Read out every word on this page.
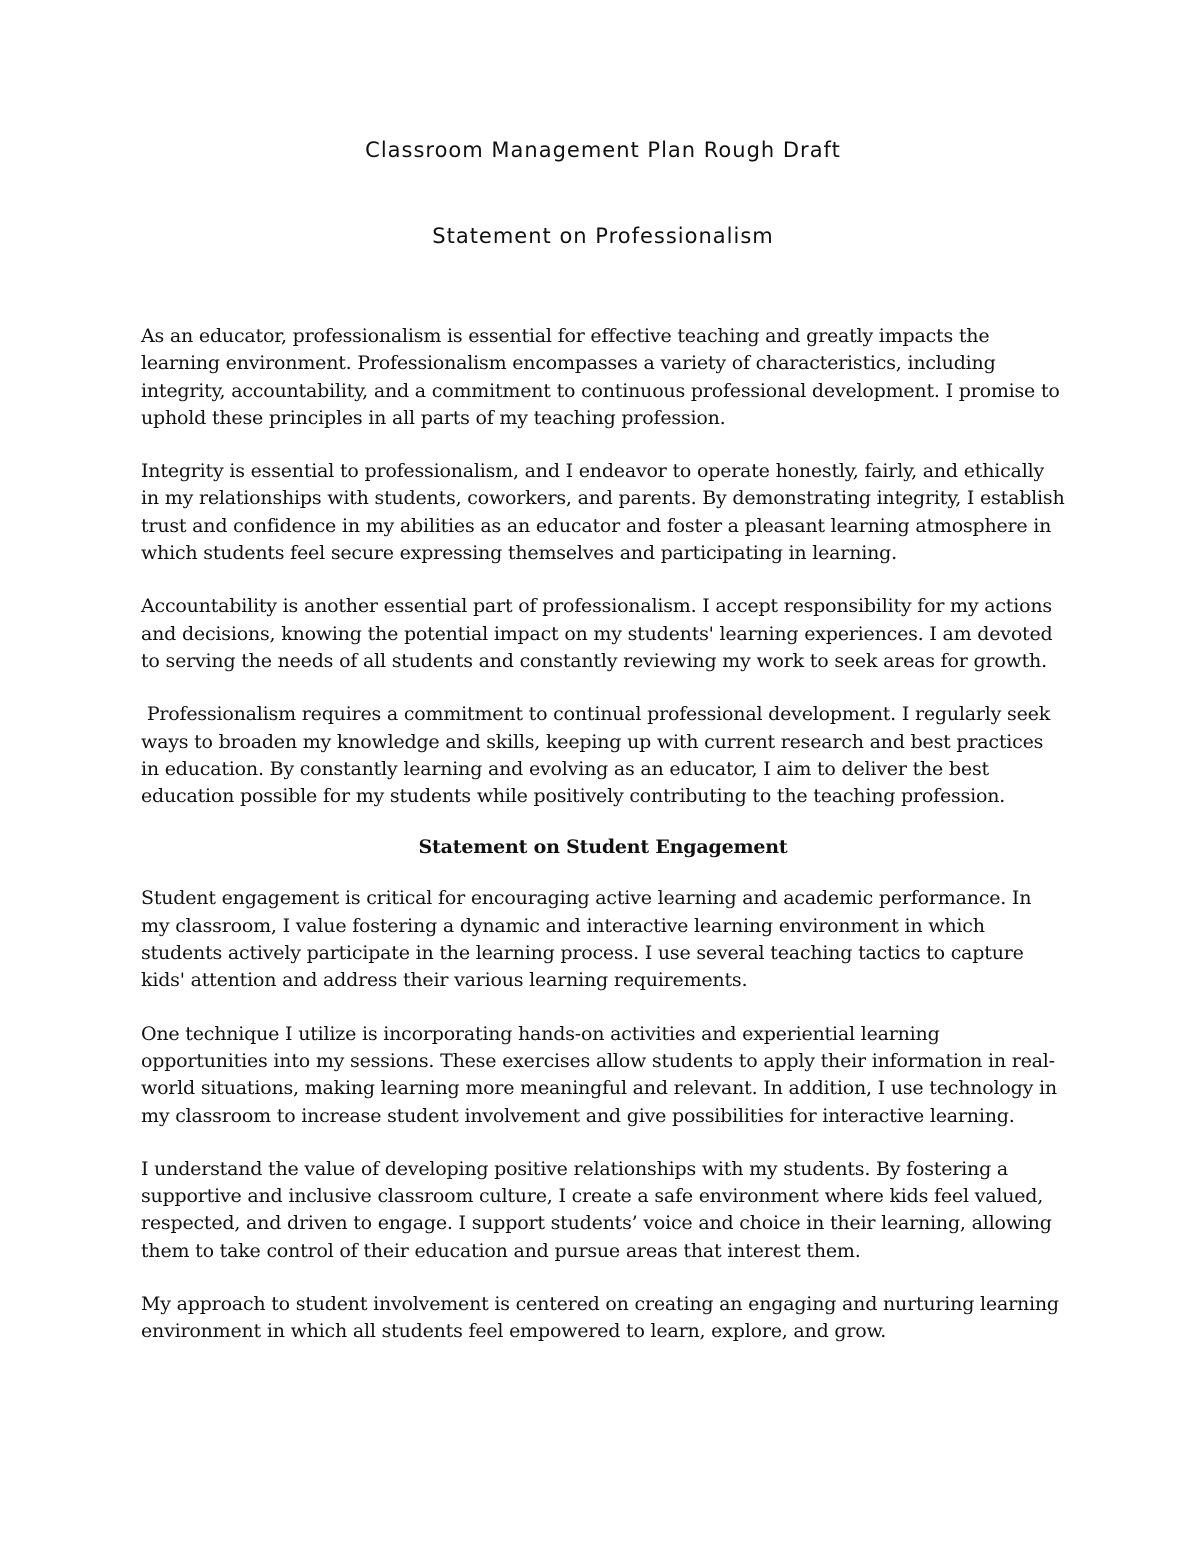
Classroom Management Plan Rough Draft
Statement on Professionalism

As an educator, professionalism is essential for effective teaching and greatly impacts the learning environment. Professionalism encompasses a variety of characteristics, including integrity, accountability, and a commitment to continuous professional development. I promise to uphold these principles in all parts of my teaching profession.

Integrity is essential to professionalism, and I endeavor to operate honestly, fairly, and ethically in my relationships with students, coworkers, and parents. By demonstrating integrity, I establish trust and confidence in my abilities as an educator and foster a pleasant learning atmosphere in which students feel secure expressing themselves and participating in learning.

Accountability is another essential part of professionalism. I accept responsibility for my actions and decisions, knowing the potential impact on my students' learning experiences. I am devoted to serving the needs of all students and constantly reviewing my work to seek areas for growth.

Professionalism requires a commitment to continual professional development. I regularly seek ways to broaden my knowledge and skills, keeping up with current research and best practices in education. By constantly learning and evolving as an educator, I aim to deliver the best education possible for my students while positively contributing to the teaching profession.

Statement on Student Engagement

Student engagement is critical for encouraging active learning and academic performance. In my classroom, I value fostering a dynamic and interactive learning environment in which students actively participate in the learning process. I use several teaching tactics to capture kids' attention and address their various learning requirements.

One technique I utilize is incorporating hands-on activities and experiential learning opportunities into my sessions. These exercises allow students to apply their information in real-world situations, making learning more meaningful and relevant. In addition, I use technology in my classroom to increase student involvement and give possibilities for interactive learning.

I understand the value of developing positive relationships with my students. By fostering a supportive and inclusive classroom culture, I create a safe environment where kids feel valued, respected, and driven to engage. I support students’ voice and choice in their learning, allowing them to take control of their education and pursue areas that interest them.

My approach to student involvement is centered on creating an engaging and nurturing learning environment in which all students feel empowered to learn, explore, and grow.
